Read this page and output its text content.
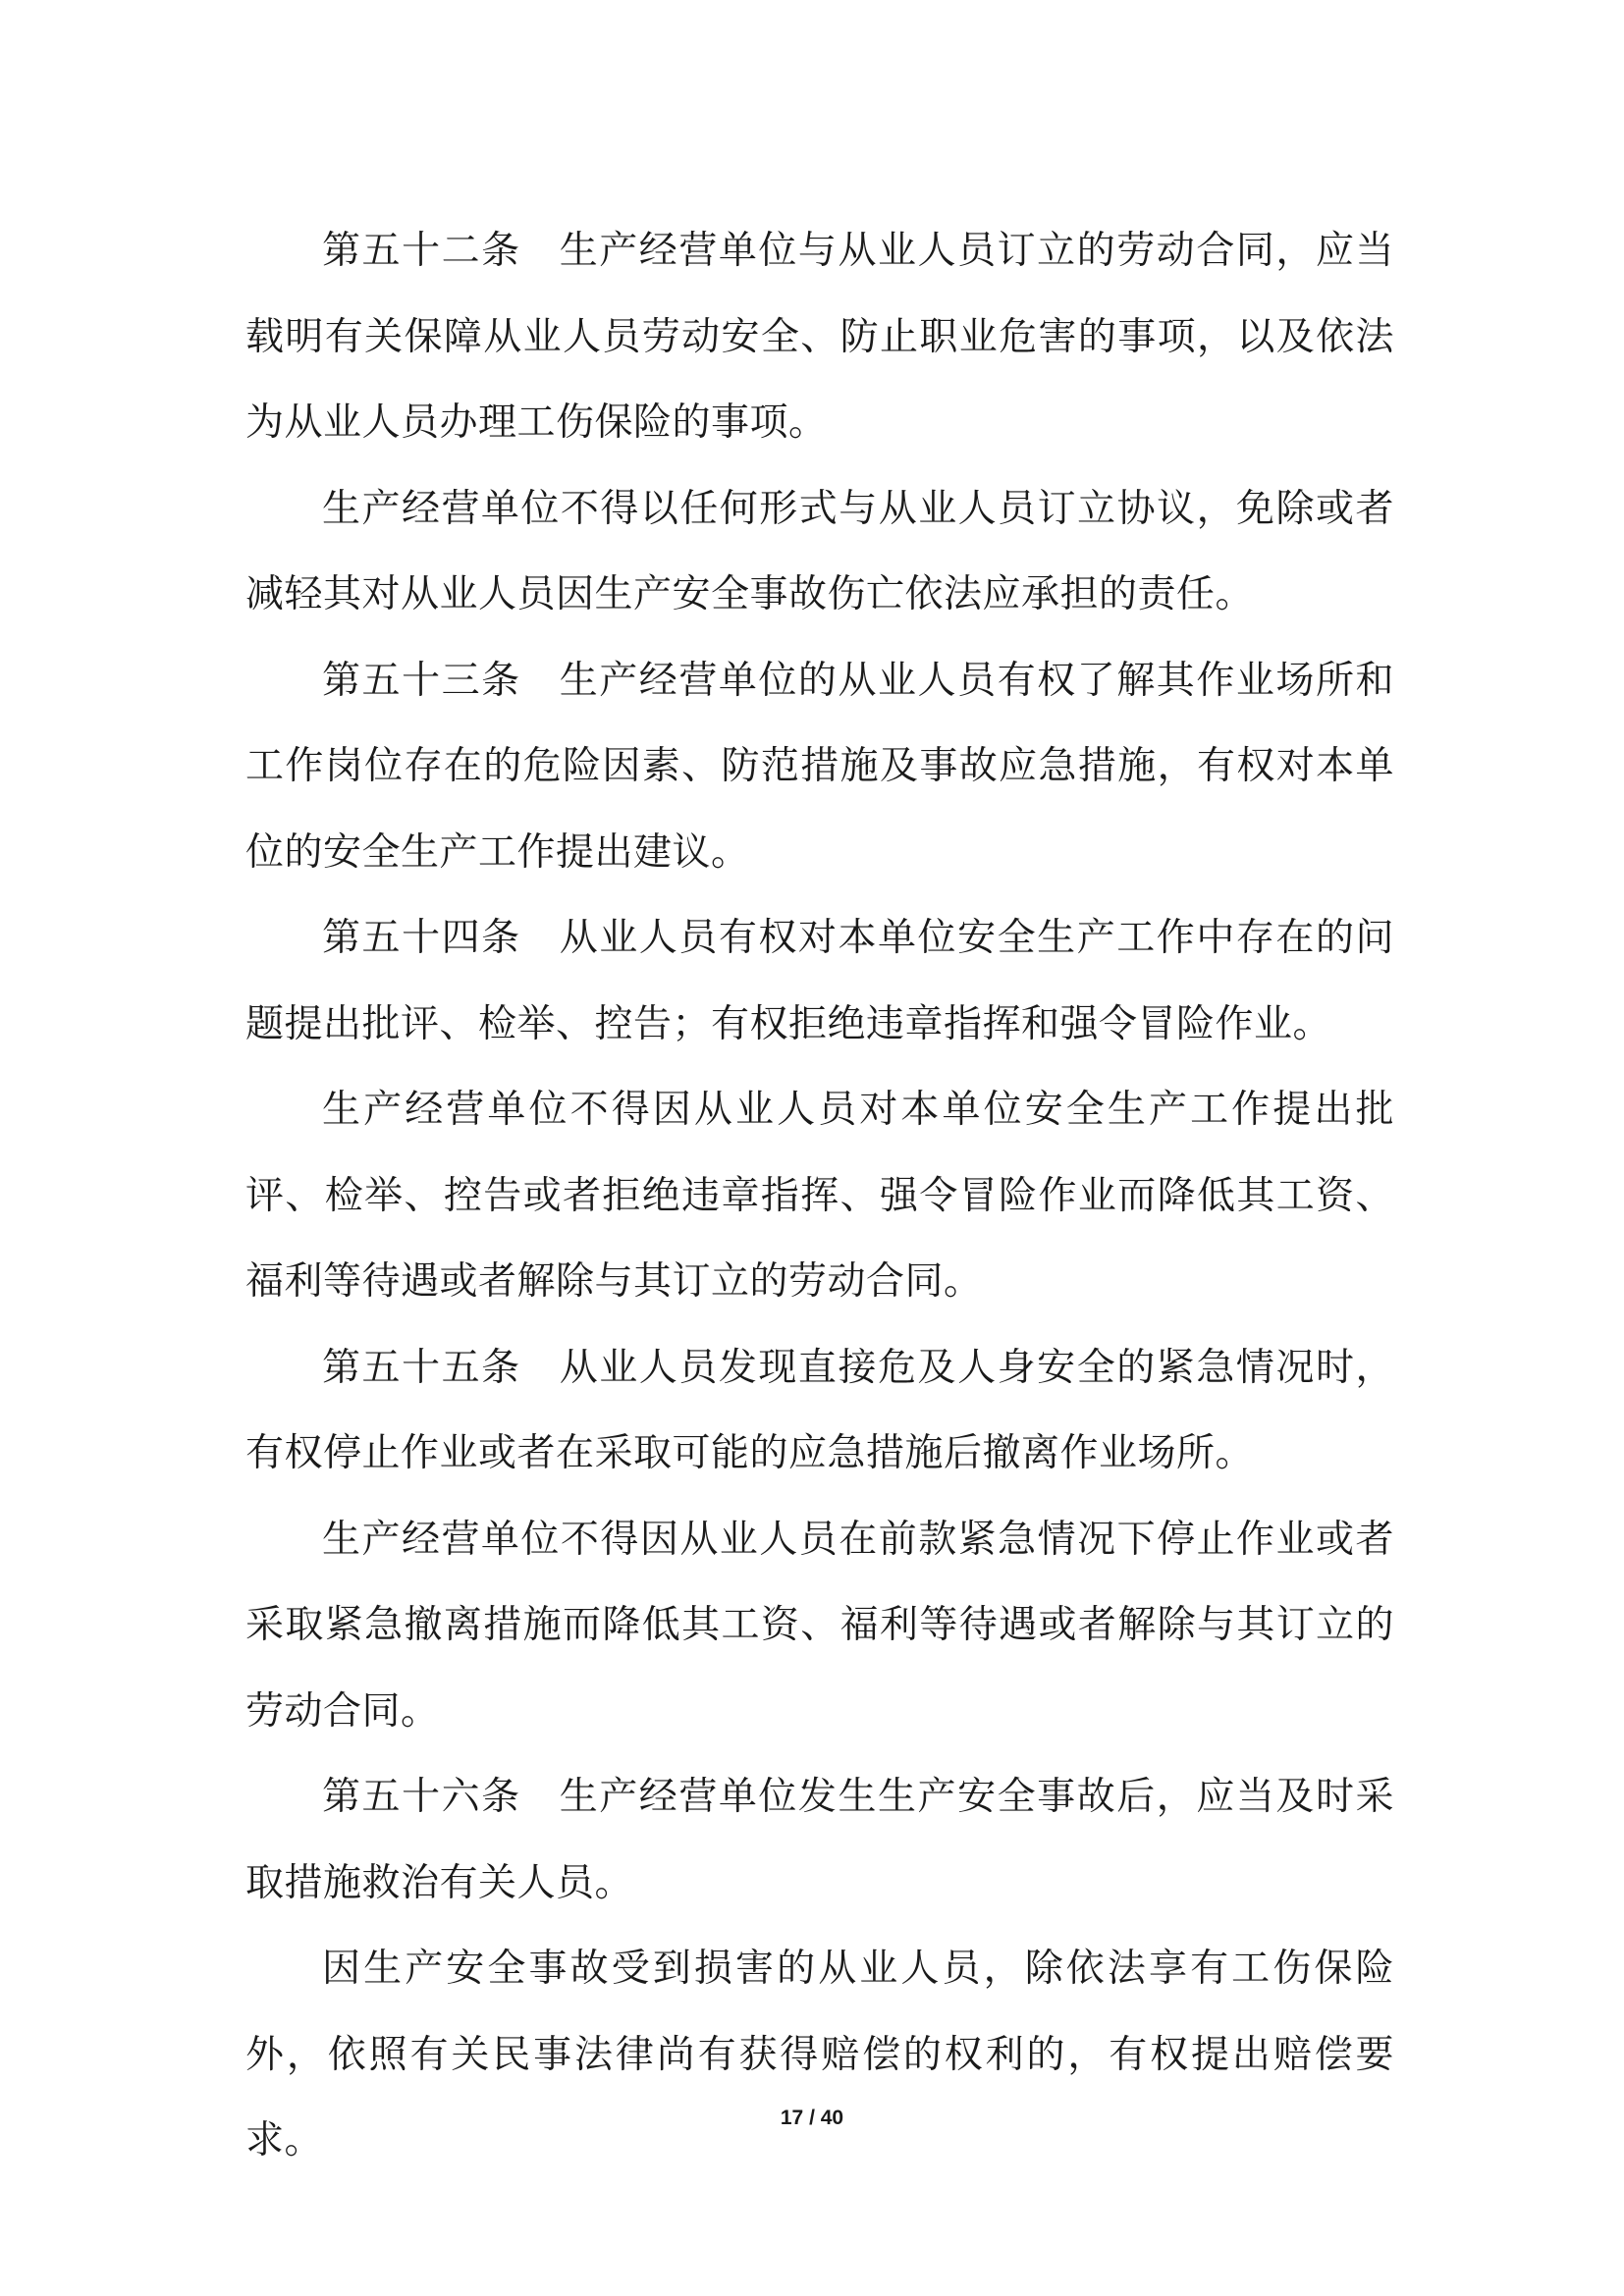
第五十二条 生产经营单位与从业人员订立的劳动合同，应当载明有关保障从业人员劳动安全、防止职业危害的事项，以及依法为从业人员办理工伤保险的事项。

生产经营单位不得以任何形式与从业人员订立协议，免除或者减轻其对从业人员因生产安全事故伤亡依法应承担的责任。

第五十三条 生产经营单位的从业人员有权了解其作业场所和工作岗位存在的危险因素、防范措施及事故应急措施，有权对本单位的安全生产工作提出建议。

第五十四条 从业人员有权对本单位安全生产工作中存在的问题提出批评、检举、控告；有权拒绝违章指挥和强令冒险作业。

生产经营单位不得因从业人员对本单位安全生产工作提出批评、检举、控告或者拒绝违章指挥、强令冒险作业而降低其工资、福利等待遇或者解除与其订立的劳动合同。

第五十五条 从业人员发现直接危及人身安全的紧急情况时，有权停止作业或者在采取可能的应急措施后撤离作业场所。

生产经营单位不得因从业人员在前款紧急情况下停止作业或者采取紧急撤离措施而降低其工资、福利等待遇或者解除与其订立的劳动合同。

第五十六条 生产经营单位发生生产安全事故后，应当及时采取措施救治有关人员。

因生产安全事故受到损害的从业人员，除依法享有工伤保险外，依照有关民事法律尚有获得赔偿的权利的，有权提出赔偿要求。

17 / 40
